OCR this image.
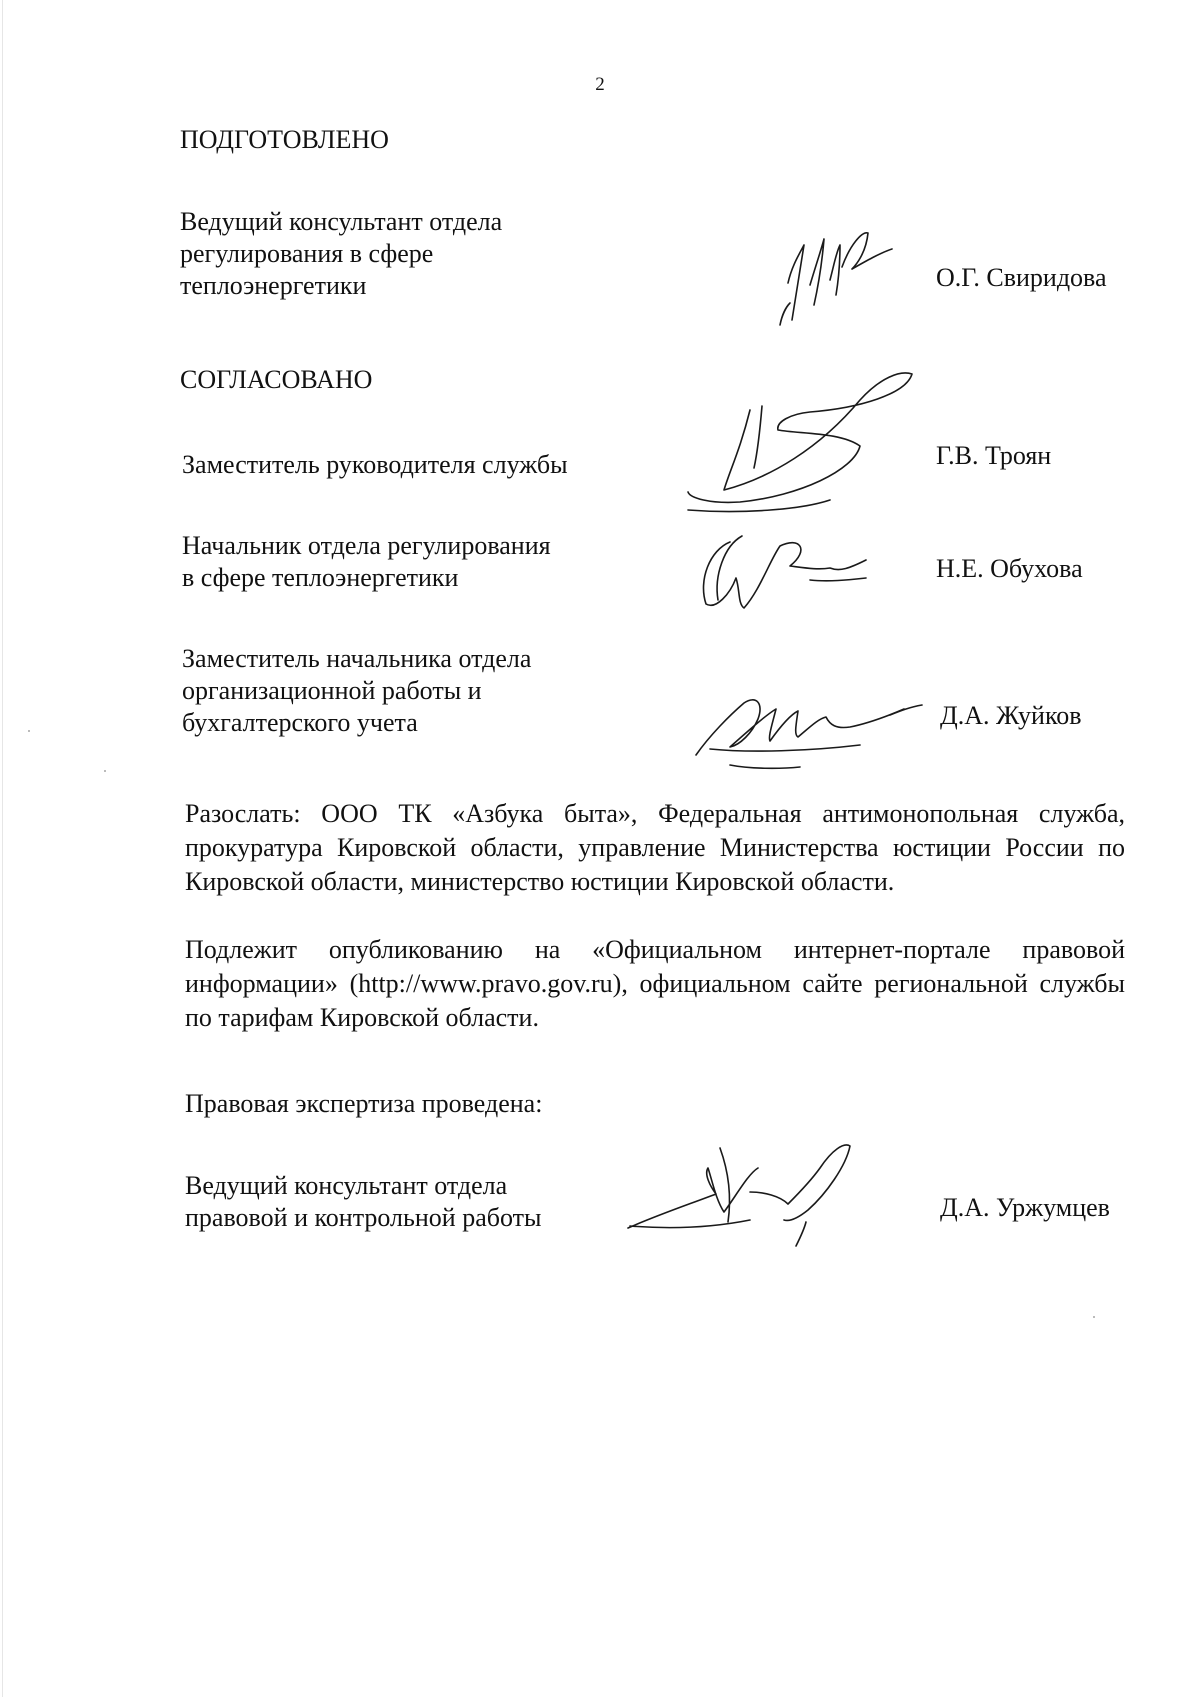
2
ПОДГОТОВЛЕНО
Ведущий консультант отдела
регулирования в сфере
теплоэнергетики	О.Г. Свиридова
СОГЛАСОВАНО
Заместитель руководителя службы	Г.В. Троян
Начальник отдела регулирования
в сфере теплоэнергетики	Н.Е. Обухова
Заместитель начальника отдела
организационной работы и
бухгалтерского учета	Д.А. Жуйков
Разослать: ООО ТК «Азбука быта», Федеральная антимонопольная служба, прокуратура Кировской области, управление Министерства юстиции России по Кировской области, министерство юстиции Кировской области.
Подлежит опубликованию на «Официальном интернет-портале правовой информации» (http://www.pravo.gov.ru), официальном сайте региональной службы по тарифам Кировской области.
Правовая экспертиза проведена:
Ведущий консультант отдела
правовой и контрольной работы	Д.А. Уржумцев
